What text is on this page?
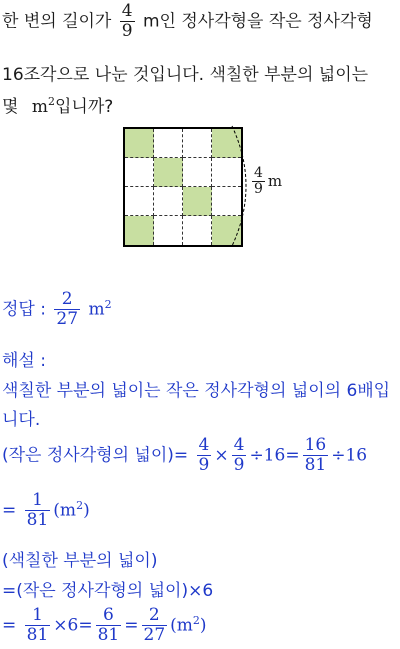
한 변의 길이가 $\frac{4}{9}$ m인 정사각형을 작은 정사각형
16조각으로 나눈 것입니다. 색칠한 부분의 넓이는
몇 $m^2$입니까?
$\frac{4}{9}$ m
정답 : $\frac{2}{27} m^2$
해설 :
색칠한 부분의 넓이는 작은 정사각형의 넓이의 6배입
니다.
(작은 정사각형의 넓이)= $\frac{4}{9} \times \frac{4}{9} \div 16= \frac{16}{81} \div 16$
= $\frac{1}{81} (m^2)$
(색칠한 부분의 넓이)
=(작은 정사각형의 넓이)×6
= $\frac{1}{81} \times 6= \frac{6}{81} = \frac{2}{27} (m^2)$
